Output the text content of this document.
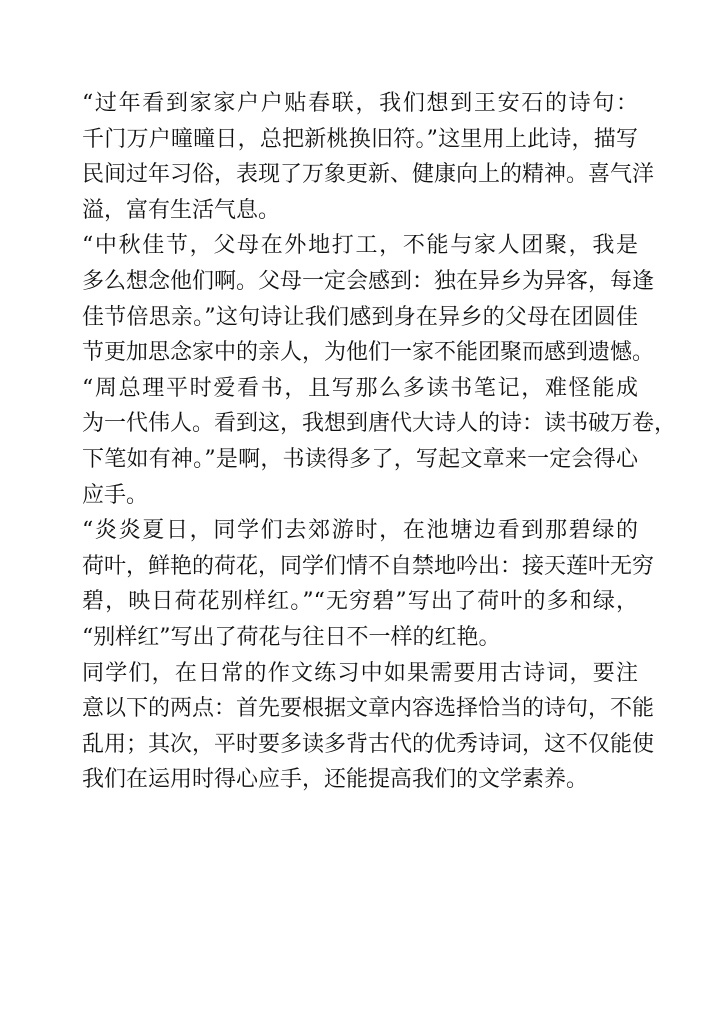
“过年看到家家户户贴春联，我们想到王安石的诗句：
千门万户曈曈日，总把新桃换旧符。”这里用上此诗，描写
民间过年习俗，表现了万象更新、健康向上的精神。喜气洋
溢，富有生活气息。
“中秋佳节，父母在外地打工，不能与家人团聚，我是
多么想念他们啊。父母一定会感到：独在异乡为异客，每逢
佳节倍思亲。”这句诗让我们感到身在异乡的父母在团圆佳
节更加思念家中的亲人，为他们一家不能团聚而感到遗憾。
“周总理平时爱看书，且写那么多读书笔记，难怪能成
为一代伟人。看到这，我想到唐代大诗人的诗：读书破万卷，
下笔如有神。”是啊，书读得多了，写起文章来一定会得心
应手。
“炎炎夏日，同学们去郊游时，在池塘边看到那碧绿的
荷叶，鲜艳的荷花，同学们情不自禁地吟出：接天莲叶无穷
碧，映日荷花别样红。”“无穷碧”写出了荷叶的多和绿，
“别样红”写出了荷花与往日不一样的红艳。
同学们，在日常的作文练习中如果需要用古诗词，要注
意以下的两点：首先要根据文章内容选择恰当的诗句，不能
乱用；其次，平时要多读多背古代的优秀诗词，这不仅能使
我们在运用时得心应手，还能提高我们的文学素养。
